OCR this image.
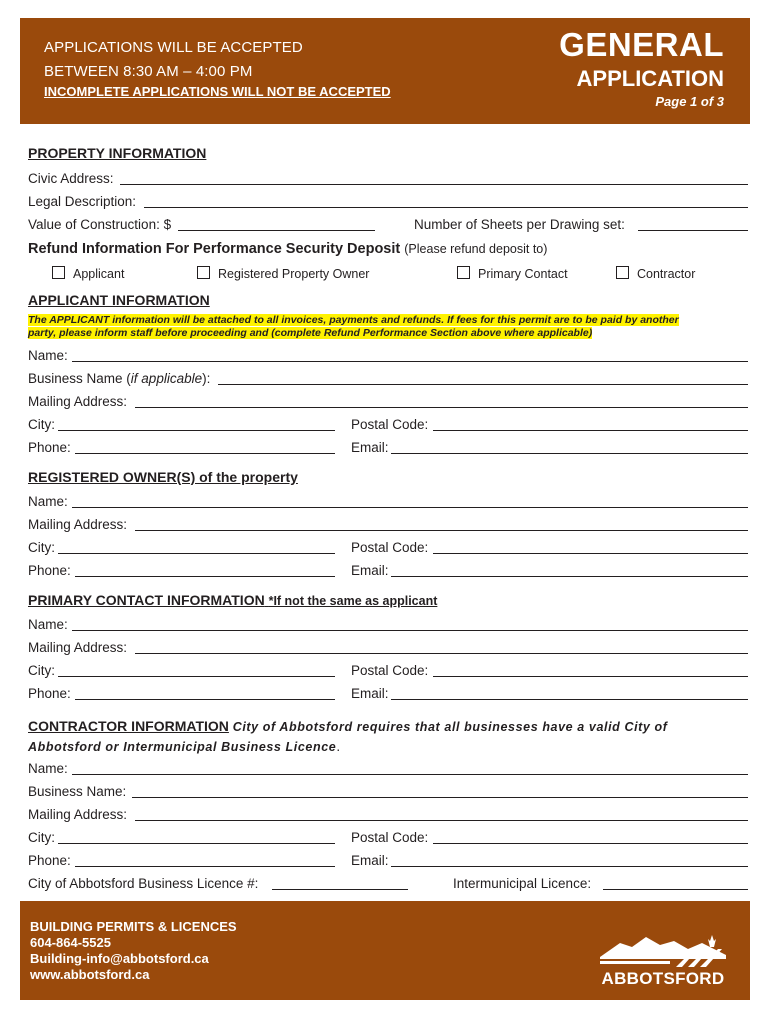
APPLICATIONS WILL BE ACCEPTED
BETWEEN 8:30 AM – 4:00 PM
INCOMPLETE APPLICATIONS WILL NOT BE ACCEPTED
GENERAL
APPLICATION
Page 1 of 3
PROPERTY INFORMATION
Civic Address:
Legal Description:
Value of Construction: $	Number of Sheets per Drawing set:
Refund Information For Performance Security Deposit (Please refund deposit to)
Applicant	Registered Property Owner	Primary Contact	Contractor
APPLICANT INFORMATION
The APPLICANT information will be attached to all invoices, payments and refunds. If fees for this permit are to be paid by another
party, please inform staff before proceeding and (complete Refund Performance Section above where applicable)
Name:
Business Name (if applicable):
Mailing Address:
City:	Postal Code:
Phone:	Email:
REGISTERED OWNER(S) of the property
Name:
Mailing Address:
City:	Postal Code:
Phone:	Email:
PRIMARY CONTACT INFORMATION *If not the same as applicant
Name:
Mailing Address:
City:	Postal Code:
Phone:	Email:
CONTRACTOR INFORMATION City of Abbotsford requires that all businesses have a valid City of Abbotsford or Intermunicipal Business Licence.
Name:
Business Name:
Mailing Address:
City:	Postal Code:
Phone:	Email:
City of Abbotsford Business Licence #:	Intermunicipal Licence:
BUILDING PERMITS & LICENCES
604-864-5525
Building-info@abbotsford.ca
www.abbotsford.ca	ABBOTSFORD
